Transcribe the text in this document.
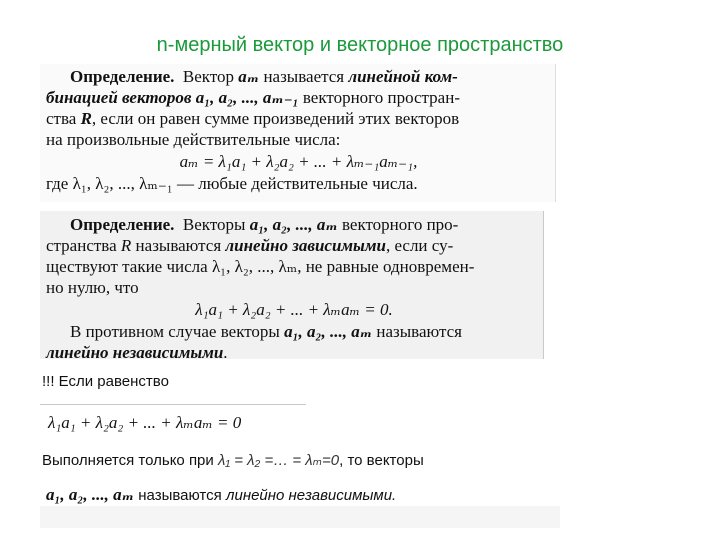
n-мерный вектор и векторное пространство
Определение. Вектор aₘ называется линейной ком-
бинацией векторов a₁, a₂, ..., aₘ₋₁ векторного простран-
ства R, если он равен сумме произведений этих векторов
на произвольные действительные числа:
aₘ = λ₁a₁ + λ₂a₂ + ... + λₘ₋₁aₘ₋₁,
где λ₁, λ₂, ..., λₘ₋₁ — любые действительные числа.
Определение. Векторы a₁, a₂, ..., aₘ векторного про-
странства R называются линейно зависимыми, если су-
ществуют такие числа λ₁, λ₂, ..., λₘ, не равные одновремен-
но нулю, что
λ₁a₁ + λ₂a₂ + ... + λₘaₘ = 0.
В противном случае векторы a₁, a₂, ..., aₘ называются
линейно независимыми.
!!! Если равенство
λ₁a₁ + λ₂a₂ + ... + λₘaₘ = 0
Выполняется только при λ₁ = λ₂ =… = λₘ=0, то векторы
a₁, a₂, ..., aₘ называются линейно независимыми.
